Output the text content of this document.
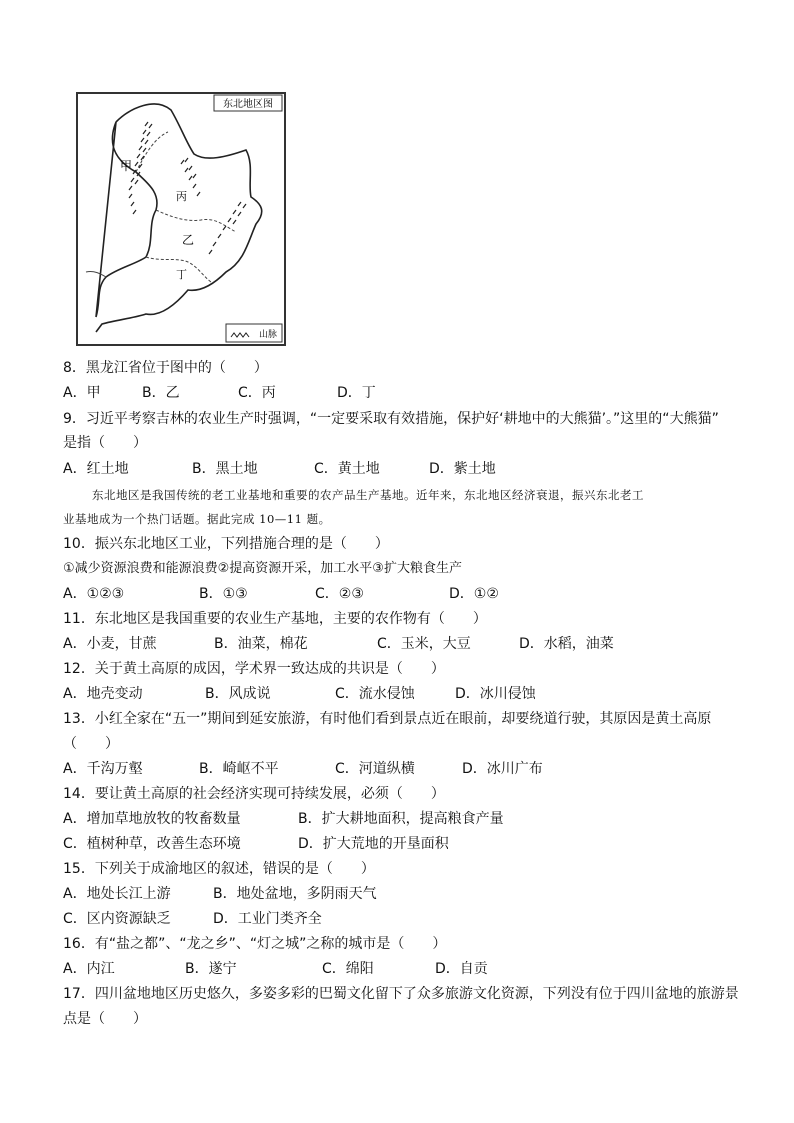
东北地区图
甲
丙
乙
丁
山脉
8．黑龙江省位于图中的（　　）
A．甲	B．乙	C．丙	D．丁
9．习近平考察吉林的农业生产时强调，“一定要采取有效措施，保护好‘耕地中的大熊猫’。”这里的“大熊猫”
是指（　　）
A．红土地	B．黑土地	C．黄土地	D．紫土地
东北地区是我国传统的老工业基地和重要的农产品生产基地。近年来，东北地区经济衰退，振兴东北老工
业基地成为一个热门话题。据此完成 10—11 题。
10．振兴东北地区工业，下列措施合理的是（　　）
①减少资源浪费和能源浪费②提高资源开采，加工水平③扩大粮食生产
A．①②③	B．①③	C．②③	D．①②
11．东北地区是我国重要的农业生产基地，主要的农作物有（　　）
A．小麦，甘蔗	B．油菜，棉花	C．玉米，大豆	D．水稻，油菜
12．关于黄土高原的成因，学术界一致达成的共识是（　　）
A．地壳变动	B．风成说	C．流水侵蚀	D．冰川侵蚀
13．小红全家在“五一”期间到延安旅游，有时他们看到景点近在眼前，却要绕道行驶，其原因是黄土高原
（　　）
A．千沟万壑	B．崎岖不平	C．河道纵横	D．冰川广布
14．要让黄土高原的社会经济实现可持续发展，必须（　　）
A．增加草地放牧的牧畜数量	B．扩大耕地面积，提高粮食产量
C．植树种草，改善生态环境	D．扩大荒地的开垦面积
15．下列关于成渝地区的叙述，错误的是（　　）
A．地处长江上游	B．地处盆地，多阴雨天气
C．区内资源缺乏	D．工业门类齐全
16．有“盐之都”、“龙之乡”、“灯之城”之称的城市是（　　）
A．内江	B．遂宁	C．绵阳	D．自贡
17．四川盆地地区历史悠久，多姿多彩的巴蜀文化留下了众多旅游文化资源，下列没有位于四川盆地的旅游景
点是（　　）
